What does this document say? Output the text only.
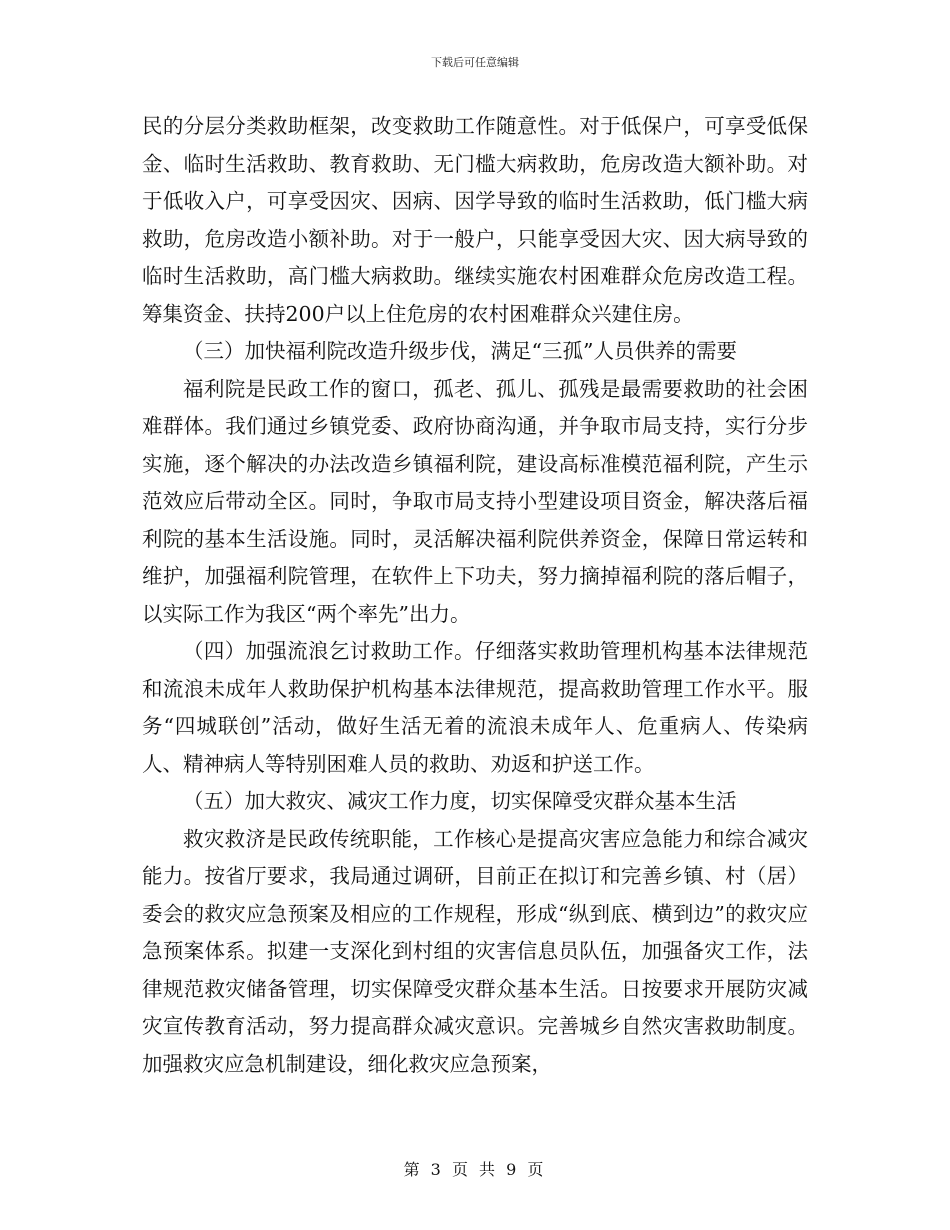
下载后可任意编辑

民的分层分类救助框架，改变救助工作随意性。对于低保户，可享受低保金、临时生活救助、教育救助、无门槛大病救助，危房改造大额补助。对于低收入户，可享受因灾、因病、因学导致的临时生活救助，低门槛大病救助，危房改造小额补助。对于一般户，只能享受因大灾、因大病导致的临时生活救助，高门槛大病救助。继续实施农村困难群众危房改造工程。筹集资金、扶持200户以上住危房的农村困难群众兴建住房。

（三）加快福利院改造升级步伐，满足“三孤”人员供养的需要

福利院是民政工作的窗口，孤老、孤儿、孤残是最需要救助的社会困难群体。我们通过乡镇党委、政府协商沟通，并争取市局支持，实行分步实施，逐个解决的办法改造乡镇福利院，建设高标准模范福利院，产生示范效应后带动全区。同时，争取市局支持小型建设项目资金，解决落后福利院的基本生活设施。同时，灵活解决福利院供养资金，保障日常运转和维护，加强福利院管理，在软件上下功夫，努力摘掉福利院的落后帽子，以实际工作为我区“两个率先”出力。

（四）加强流浪乞讨救助工作。仔细落实救助管理机构基本法律规范和流浪未成年人救助保护机构基本法律规范，提高救助管理工作水平。服务“四城联创”活动，做好生活无着的流浪未成年人、危重病人、传染病人、精神病人等特别困难人员的救助、劝返和护送工作。

（五）加大救灾、减灾工作力度，切实保障受灾群众基本生活

救灾救济是民政传统职能，工作核心是提高灾害应急能力和综合减灾能力。按省厅要求，我局通过调研，目前正在拟订和完善乡镇、村（居）委会的救灾应急预案及相应的工作规程，形成“纵到底、横到边”的救灾应急预案体系。拟建一支深化到村组的灾害信息员队伍，加强备灾工作，法律规范救灾储备管理，切实保障受灾群众基本生活。日按要求开展防灾减灾宣传教育活动，努力提高群众减灾意识。完善城乡自然灾害救助制度。加强救灾应急机制建设，细化救灾应急预案，

第 3 页 共 9 页
